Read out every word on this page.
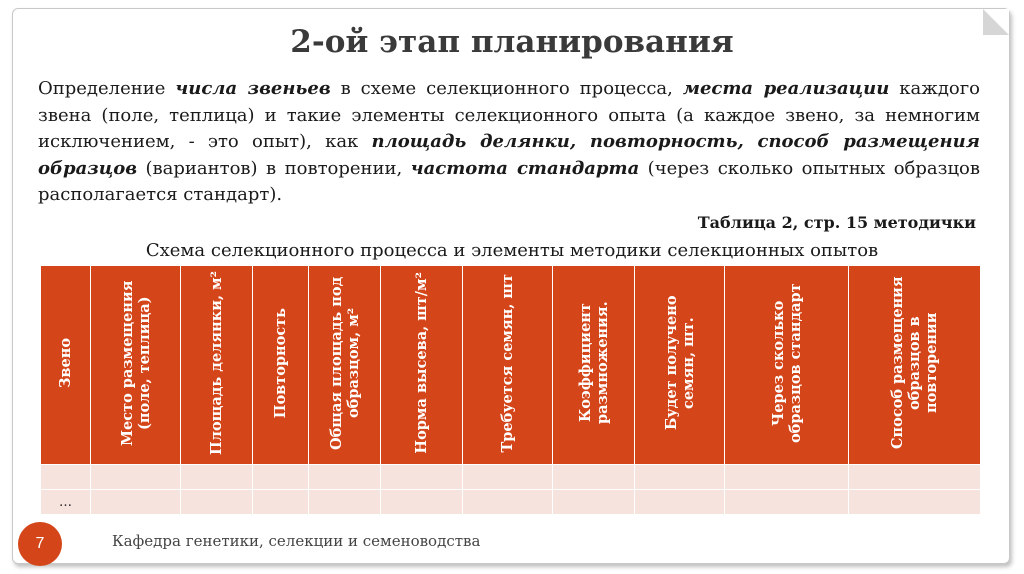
2-ой этап планирования
Определение числа звеньев в схеме селекционного процесса, места реализации каждого звена (поле, теплица) и такие элементы селекционного опыта (а каждое звено, за немногим исключением, - это опыт), как площадь делянки, повторность, способ размещения образцов (вариантов) в повторении, частота стандарта (через сколько опытных образцов располагается стандарт).
Таблица 2, стр. 15 методички
Схема селекционного процесса и элементы методики селекционных опытов
Звено	Место размещения (поле, теплица)	Площадь делянки, м²	Повторность	Общая площадь под образцом, м²	Норма высева, шт/м²	Требуется семян, шт	Коэффициент размножения.	Будет получено семян, шт.	Через сколько образцов стандарт	Способ размещения образцов в повторении

…										
7	Кафедра генетики, селекции и семеноводства
